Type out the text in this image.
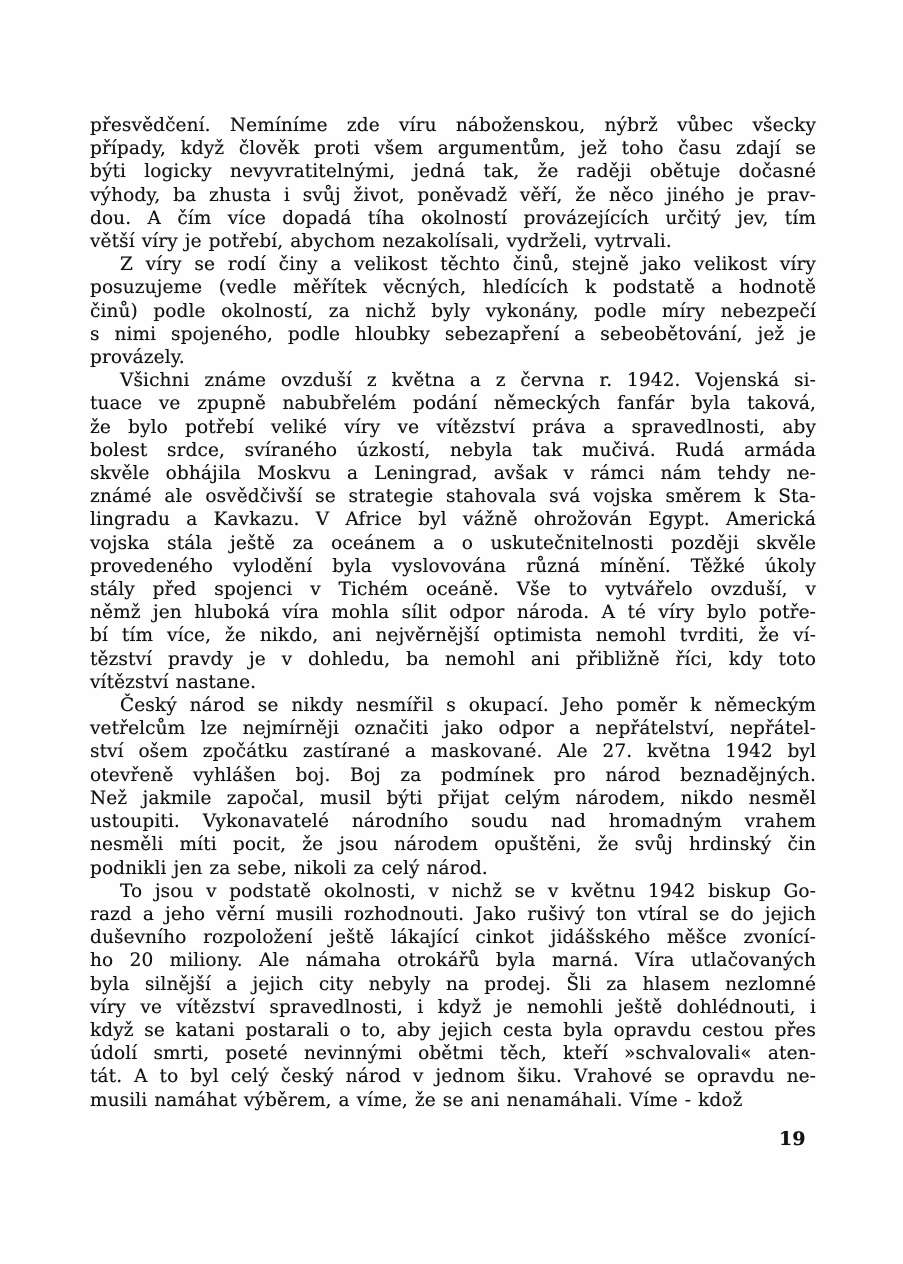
přesvědčení. Nemíníme zde víru náboženskou, nýbrž vůbec všecky
případy, když člověk proti všem argumentům, jež toho času zdají se
býti logicky nevyvratitelnými, jedná tak, že raději obětuje dočasné
výhody, ba zhusta i svůj život, poněvadž věří, že něco jiného je prav-
dou. A čím více dopadá tíha okolností provázejících určitý jev, tím
větší víry je potřebí, abychom nezakolísali, vydrželi, vytrvali.

Z víry se rodí činy a velikost těchto činů, stejně jako velikost víry
posuzujeme (vedle měřítek věcných, hledících k podstatě a hodnotě
činů) podle okolností, za nichž byly vykonány, podle míry nebezpečí
s nimi spojeného, podle hloubky sebezapření a sebeobětování, jež je
provázely.

Všichni známe ovzduší z května a z června r. 1942. Vojenská si-
tuace ve zpupně nabubřelém podání německých fanfár byla taková,
že bylo potřebí veliké víry ve vítězství práva a spravedlnosti, aby
bolest srdce, svíraného úzkostí, nebyla tak mučivá. Rudá armáda
skvěle obhájila Moskvu a Leningrad, avšak v rámci nám tehdy ne-
známé ale osvědčivší se strategie stahovala svá vojska směrem k Sta-
lingradu a Kavkazu. V Africe byl vážně ohrožován Egypt. Americká
vojska stála ještě za oceánem a o uskutečnitelnosti později skvěle
provedeného vylodění byla vyslovována různá mínění. Těžké úkoly
stály před spojenci v Tichém oceáně. Vše to vytvářelo ovzduší, v
němž jen hluboká víra mohla sílit odpor národa. A té víry bylo potře-
bí tím více, že nikdo, ani nejvěrnější optimista nemohl tvrditi, že ví-
tězství pravdy je v dohledu, ba nemohl ani přibližně říci, kdy toto
vítězství nastane.

Český národ se nikdy nesmířil s okupací. Jeho poměr k německým
vetřelcům lze nejmírněji označiti jako odpor a nepřátelství, nepřátel-
ství ošem zpočátku zastírané a maskované. Ale 27. května 1942 byl
otevřeně vyhlášen boj. Boj za podmínek pro národ beznadějných.
Než jakmile započal, musil býti přijat celým národem, nikdo nesměl
ustoupiti. Vykonavatelé národního soudu nad hromadným vrahem
nesměli míti pocit, že jsou národem opuštěni, že svůj hrdinský čin
podnikli jen za sebe, nikoli za celý národ.

To jsou v podstatě okolnosti, v nichž se v květnu 1942 biskup Go-
razd a jeho věrní musili rozhodnouti. Jako rušivý ton vtíral se do jejich
duševního rozpoložení ještě lákající cinkot jidášského měšce zvonící-
ho 20 miliony. Ale námaha otrokářů byla marná. Víra utlačovaných
byla silnější a jejich city nebyly na prodej. Šli za hlasem nezlomné
víry ve vítězství spravedlnosti, i když je nemohli ještě dohlédnouti, i
když se katani postarali o to, aby jejich cesta byla opravdu cestou přes
údolí smrti, poseté nevinnými obětmi těch, kteří »schvalovali« aten-
tát. A to byl celý český národ v jednom šiku. Vrahové se opravdu ne-
musili namáhat výběrem, a víme, že se ani nenamáhali. Víme - kdož

19
